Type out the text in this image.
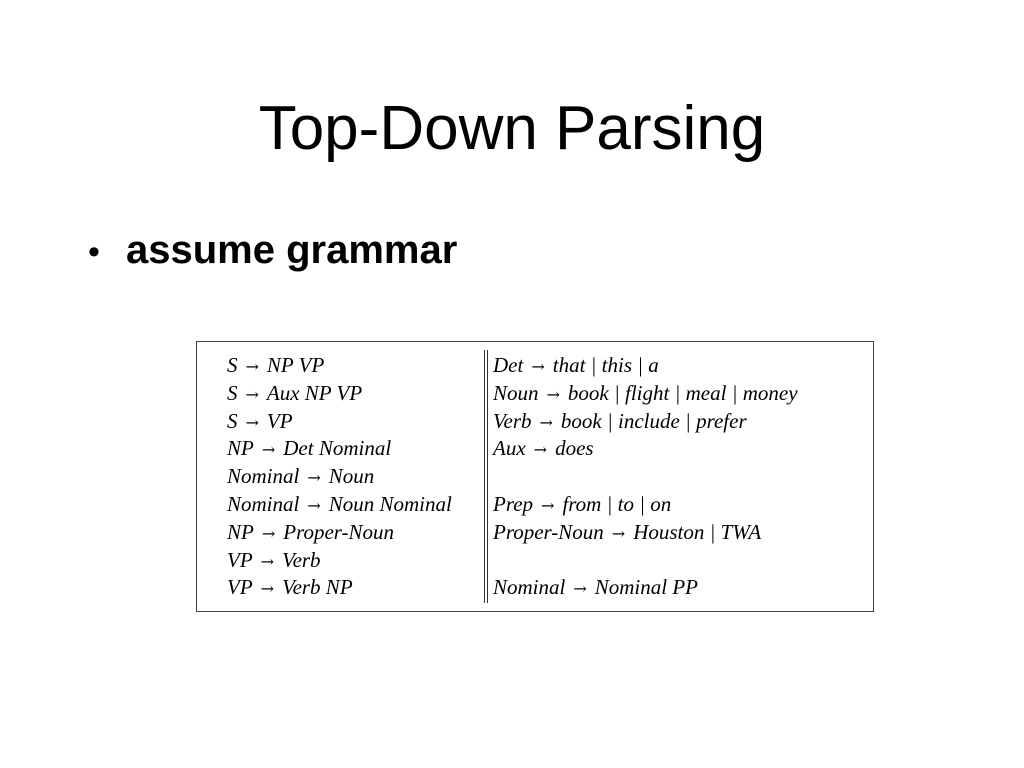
Top-Down Parsing
• assume grammar
S → NP VP
S → Aux NP VP
S → VP
NP → Det Nominal
Nominal → Noun
Nominal → Noun Nominal
NP → Proper-Noun
VP → Verb
VP → Verb NP
Det → that | this | a
Noun → book | flight | meal | money
Verb → book | include | prefer
Aux → does
Prep → from | to | on
Proper-Noun → Houston | TWA
Nominal → Nominal PP
